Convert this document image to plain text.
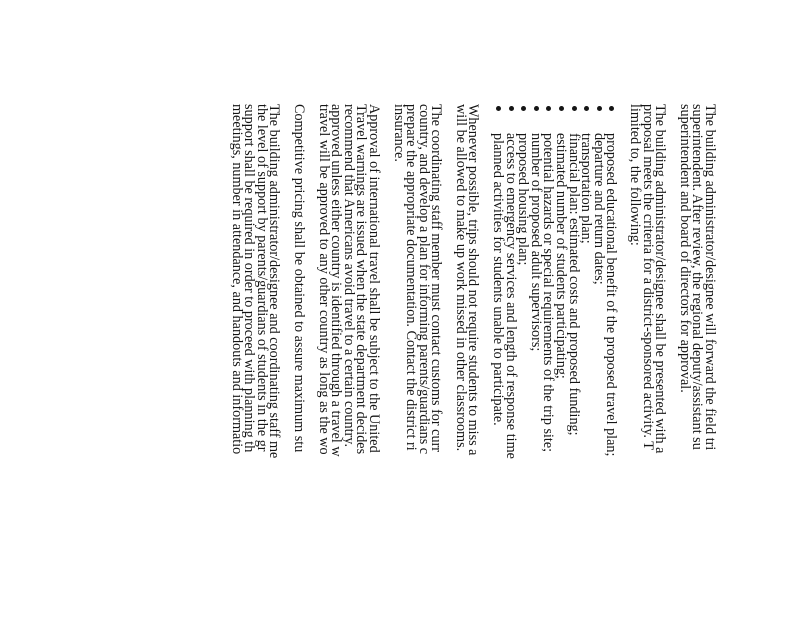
The building administrator/designee will forward the field tri
superintendent. After review, the regional deputy/assistant su
superintendent and board of directors for approval.
The building administrator/designee shall be presented with a
proposal meets the criteria for a district-sponsored activity. T
limited to, the following:
proposed educational benefit of the proposed travel plan;
departure and return dates;
transportation plan;
financial plan: estimated costs and proposed funding;
estimated number of students participating;
potential hazards or special requirements of the trip site;
number of proposed adult supervisors;
proposed housing plan;
access to emergency services and length of response time
planned activities for students unable to participate.
Whenever possible, trips should not require students to miss a
will be allowed to make up work missed in other classrooms.
The coordinating staff member must contact customs for curr
country, and develop a plan for informing parents/guardians c
prepare the appropriate documentation. Contact the district ri
insurance.
Approval of international travel shall be subject to the United
Travel warnings are issued when the state department decides
recommend that Americans avoid travel to a certain country.
approved unless either country is identified through a travel w
travel will be approved to any other country as long as the wo
Competitive pricing shall be obtained to assure maximum stu
The building administrator/designee and coordinating staff me
the level of support by parents/guardians of students in the gr
support shall be required in order to proceed with planning th
meetings, number in attendance, and handouts and informatio
